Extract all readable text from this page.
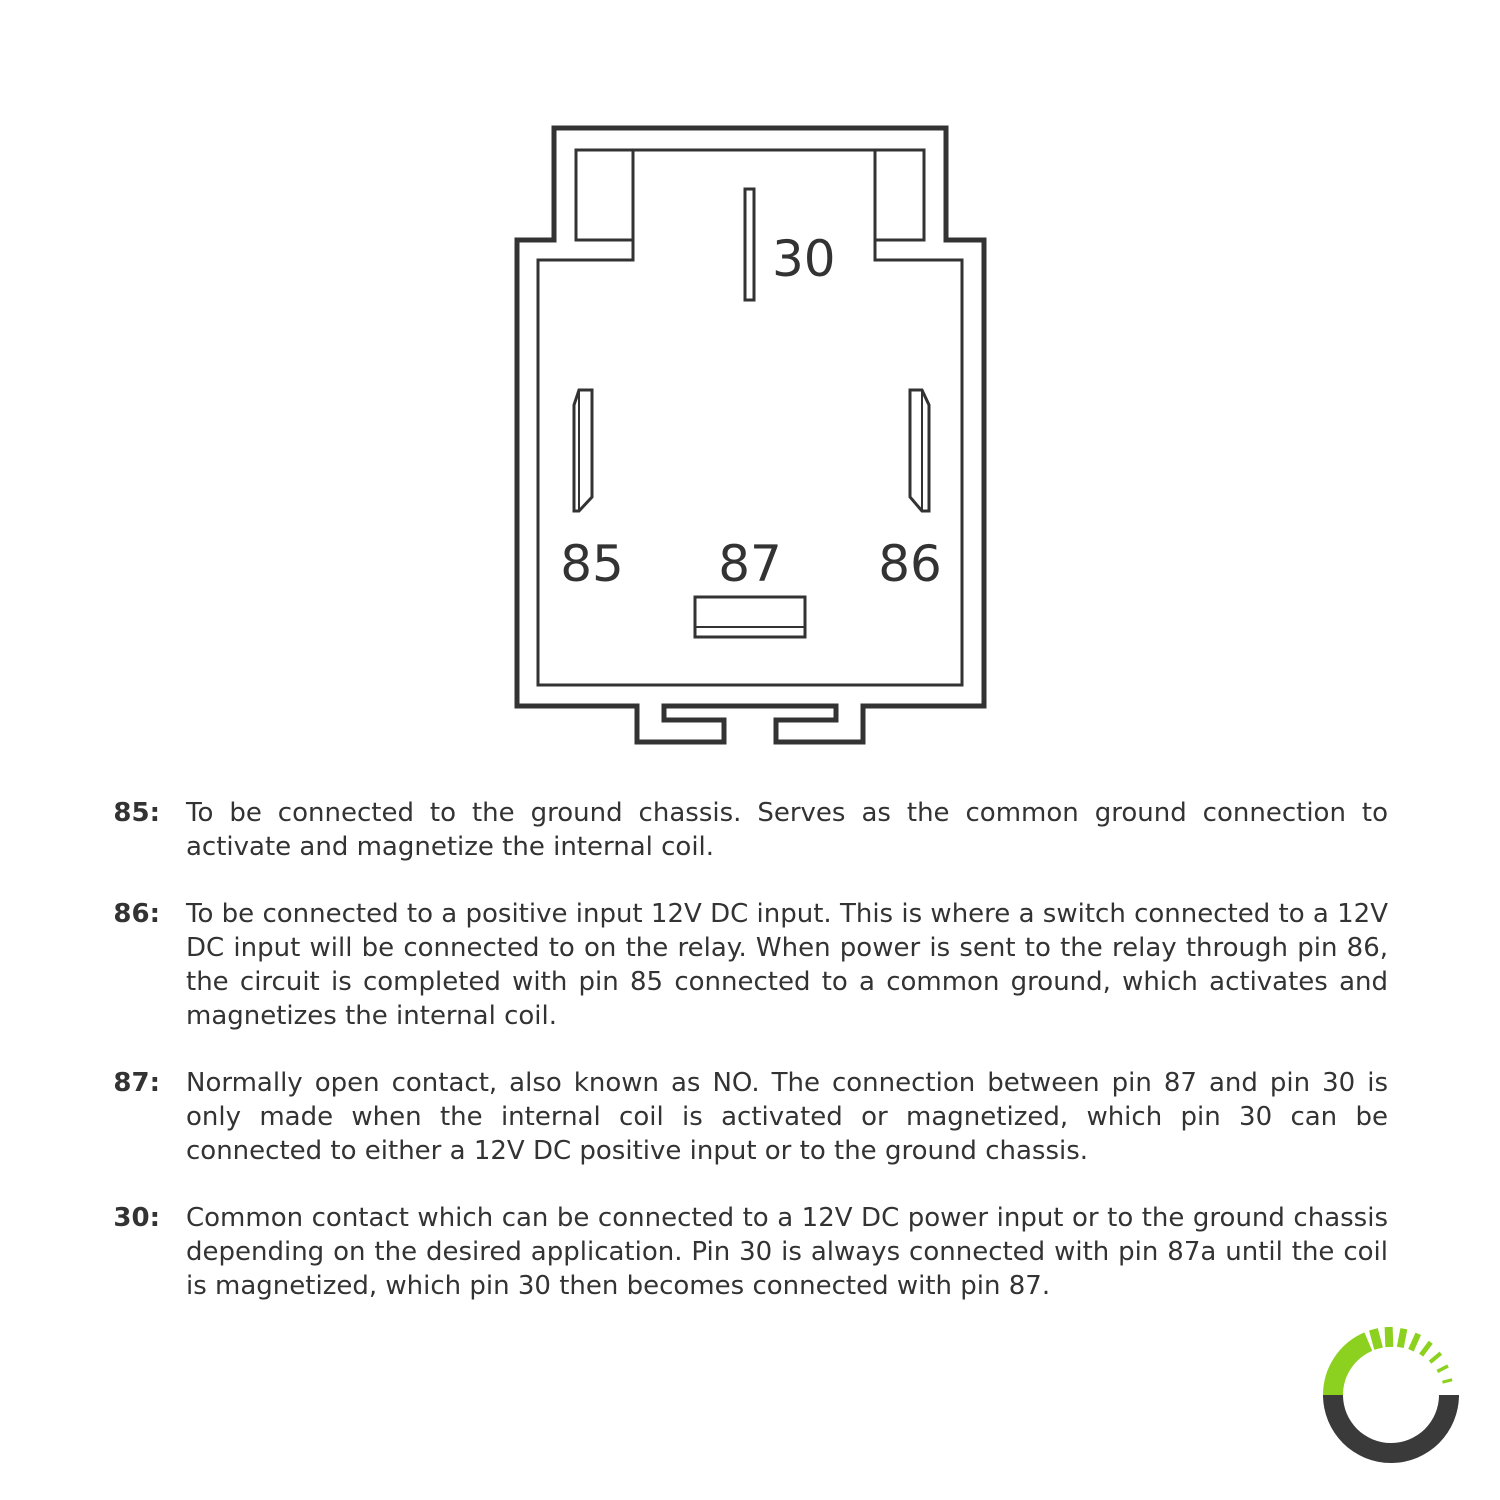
30
85 87 86
85: To be connected to the ground chassis. Serves as the common ground connection to activate and magnetize the internal coil.
86: To be connected to a positive input 12V DC input. This is where a switch connected to a 12V DC input will be connected to on the relay. When power is sent to the relay through pin 86, the circuit is completed with pin 85 connected to a common ground, which activates and magnetizes the internal coil.
87: Normally open contact, also known as NO. The connection between pin 87 and pin 30 is only made when the internal coil is activated or magnetized, which pin 30 can be connected to either a 12V DC positive input or to the ground chassis.
30: Common contact which can be connected to a 12V DC power input or to the ground chassis depending on the desired application. Pin 30 is always connected with pin 87a until the coil is magnetized, which pin 30 then becomes connected with pin 87.
